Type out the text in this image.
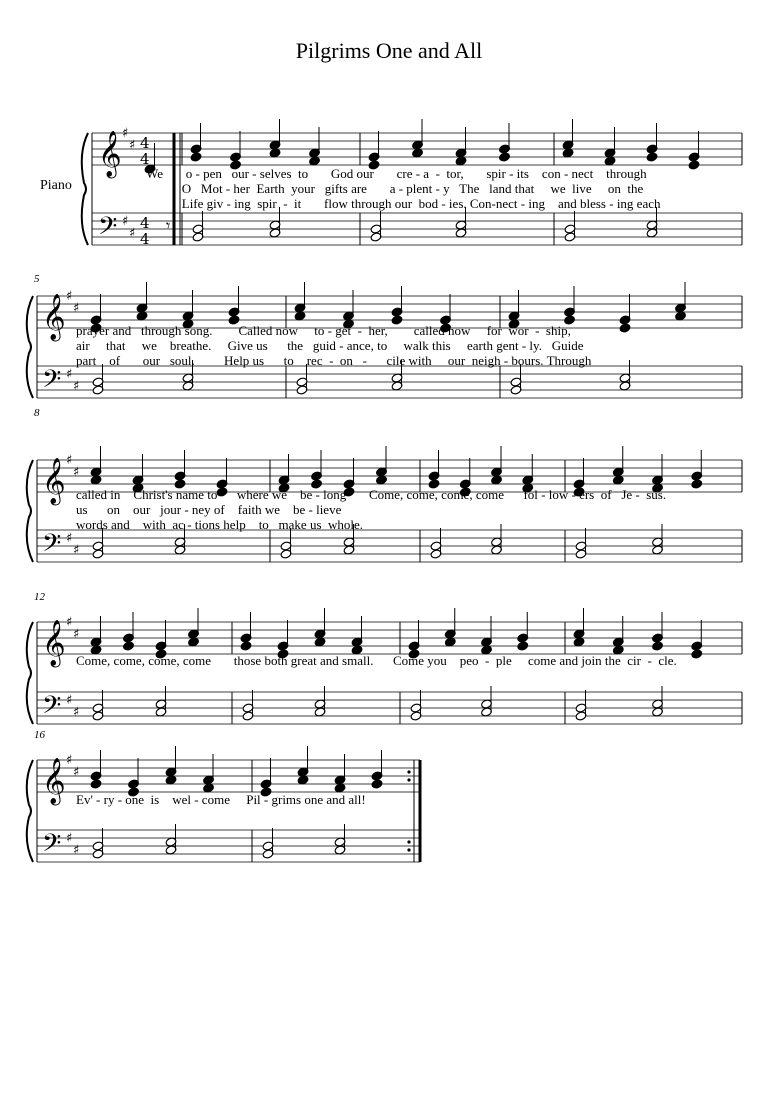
Pilgrims One and All
Piano
𝄞
𝄢
♯
♯
♯
♯
4
4
4
4
𝄾
𝄞
𝄢
♯
♯
♯
♯
𝄞
𝄢
♯
♯
♯
♯
𝄞
𝄢
♯
♯
♯
♯
𝄞
𝄢
♯
♯
♯
♯
5
8
12
16
We       o - pen   our - selves  to       God our       cre - a  -  tor,       spir - its    con - nect    through
O   Mot - her  Earth  your   gifts are       a - plent - y   The   land that     we  live     on  the
Life giv - ing  spir  -  it       flow through our  bod - ies. Con-nect - ing    and bless - ing each
prayer and   through song.        Called now     to - get  -  her,        called now     for  wor  -  ship,
air     that     we    breathe.     Give us      the   guid - ance, to     walk this     earth gent - ly.   Guide
part    of       our   soul.         Help us      to    rec  -  on   -      cile with     our  neigh - bours. Through
called in    Christ's name to      where we    be - long       Come, come, come, come      fol - low - ers  of   Je -  sus.
us      on    our   jour - ney of    faith we    be - lieve
words and    with  ac - tions help    to   make us  whole.
Come, come, come, come       those both great and small.      Come you    peo  -  ple     come and join the  cir  -  cle.
Ev' - ry - one  is    wel - come     Pil - grims one and all!
